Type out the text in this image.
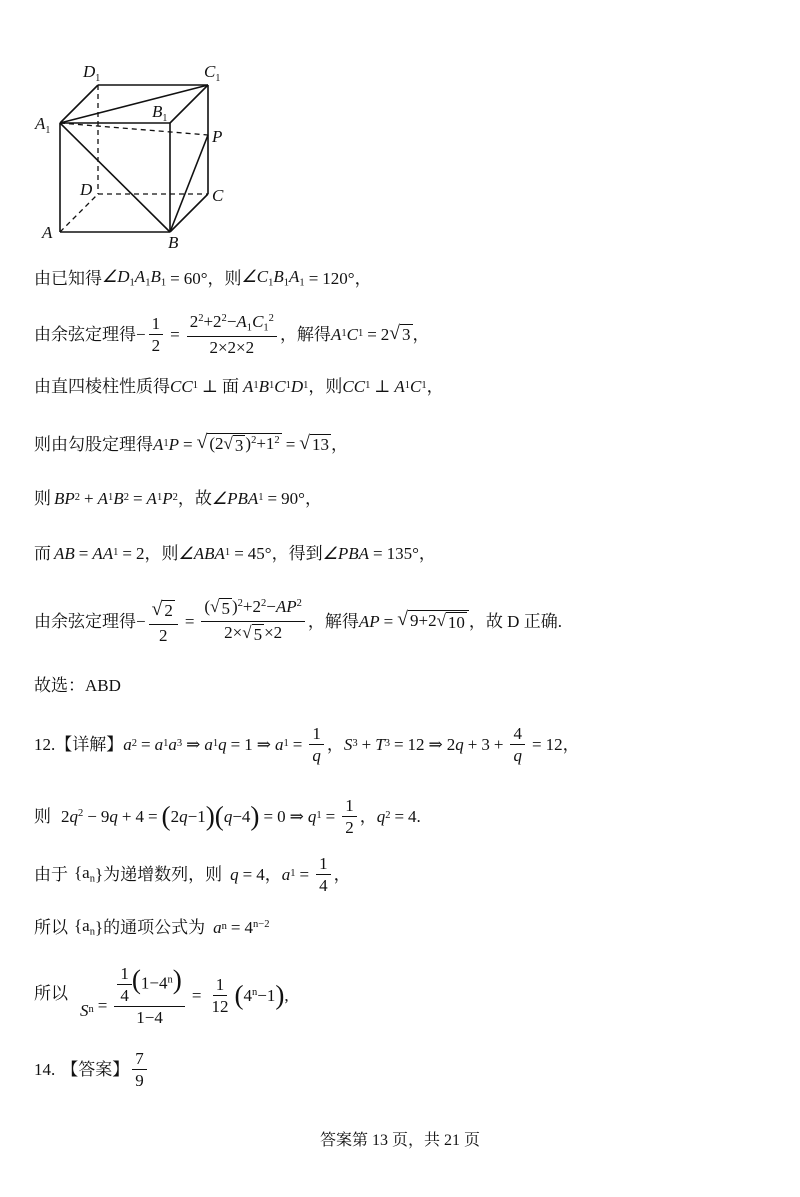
$D_1$	$C_1$
$B_1$
$A_1$	P
D	C
A
B
由已知得 $\angle D_1A_1B_1 = 60^\circ$ ，则 $\angle C_1B_1A_1 = 120^\circ$ ，
由余弦定理得 − $\frac{1}{2} = \frac{2^2+2^2-A_1C_1^2}{2\times 2\times 2}$ ，解得 A 1 C 1 = 2 √ 3 ，
由直四棱柱性质得 CC 1 ⊥ 面 A 1 B 1 C 1 D 1 ，则 CC 1 ⊥ A 1 C 1 ，
则由勾股定理得 A 1 P = √ (2 √ 3 )$^2+1^2$ = √ 13 ，
则 BP 2 + A 1 B 2 = A 1 P 2 ，故 ∠PBA 1 = 90° ，
而 AB = AA 1 = 2 ，则 ∠ABA 1 = 45° ，得到 ∠PBA = 135° ，
由余弦定理得 − $\frac{√ 2}{2} = \frac{( √ 5 )^2+2^2-AP^2}{2\times √ 5 \times 2}$ ，解得 AP = √ 9+2 √ 10 ，故 D 正确.
故选：ABD
12. 【详解】 a 2 = a 1 a 3 ⇒ a 1 q = 1 ⇒ a $1 = \frac{1}{q}$ ， S 3 + T 3 = 12 ⇒ $2q + 3 + \frac{4}{q} = 12$ ，
则 $2q^2 - 9q + 4$ = ( 2q−1 ) ( q −4 ) = 0 ⇒ q $1 = \frac{1}{2}$ ， q 2 = 4.
由于 {$a_n$ }为递增数列，则 q = 4 ， a $1 = \frac{1}{4}$ ，
所以 {$a_n$ }的通项公式为 a $n = 4^{n-2}$
所以
S $n = \frac{\frac{1}{4} (1-4^n)}{1-4} = \frac{1}{12}$ ( $4^n-1$ ) ,
14. 【答案】 $\frac{7}{9}$
答案第 13 页，共 21 页
